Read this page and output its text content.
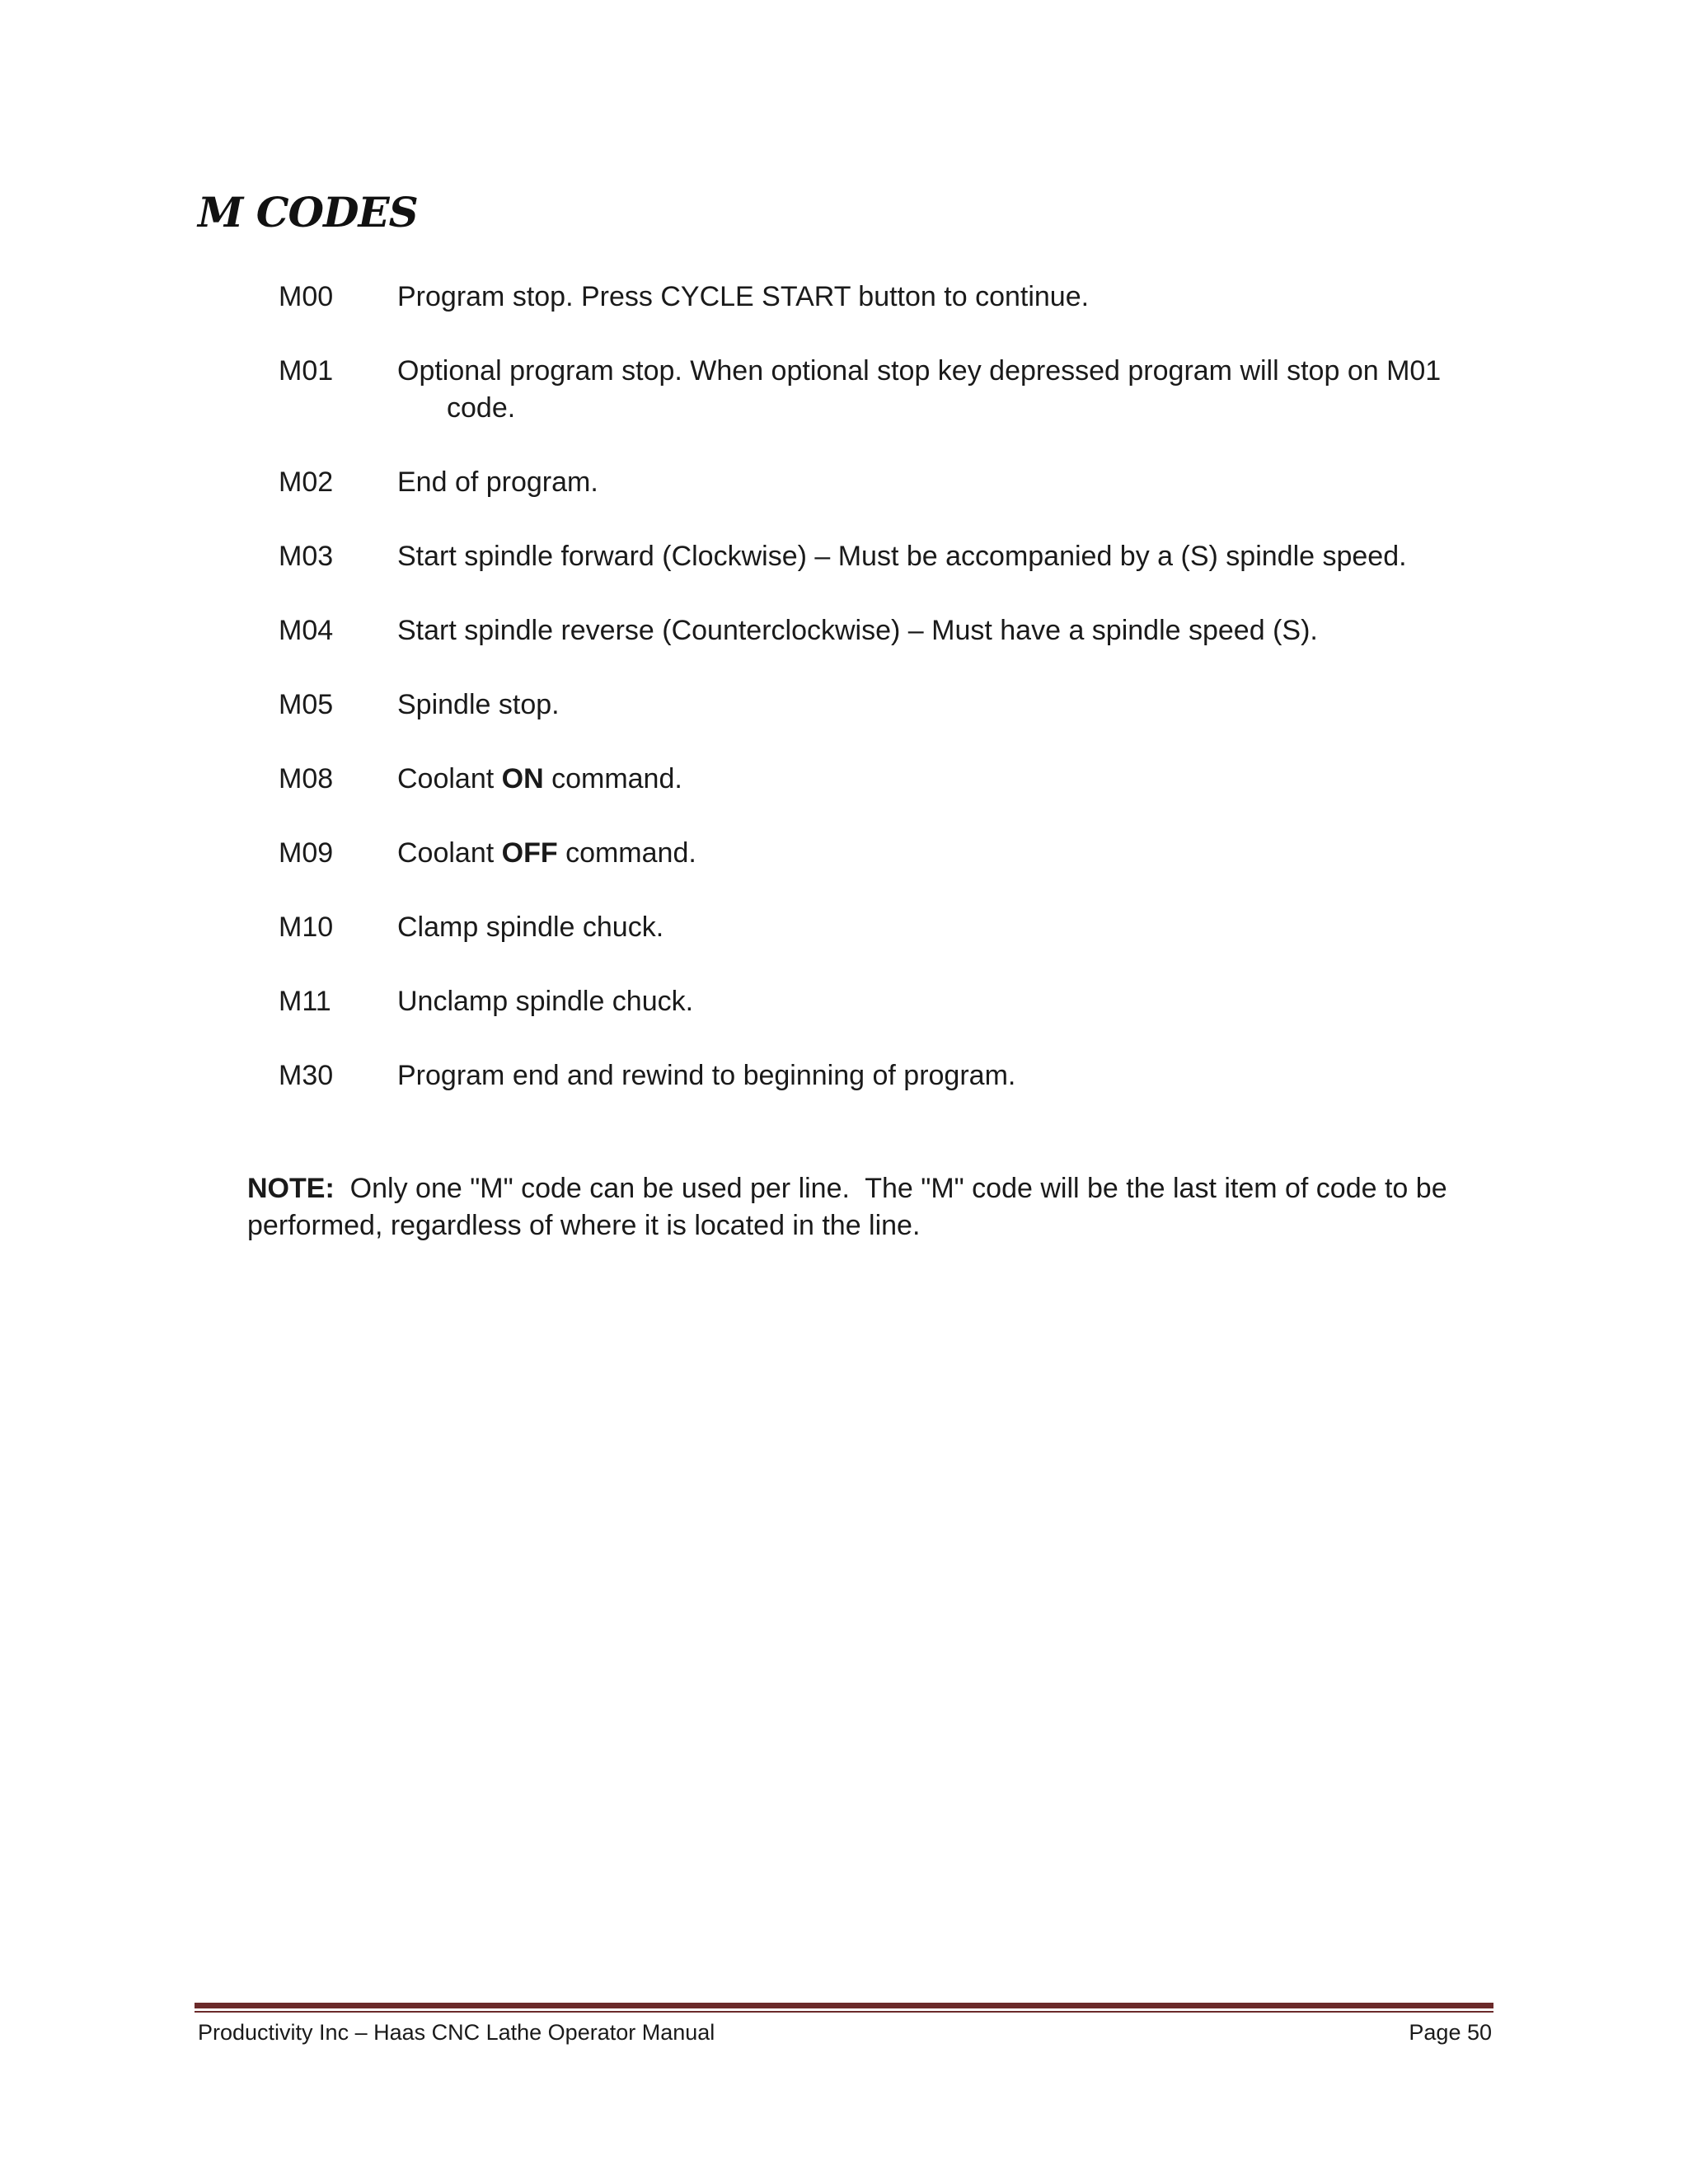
M CODES
M00	Program stop. Press CYCLE START button to continue.
M01	Optional program stop. When optional stop key depressed program will stop on M01
code.
M02	End of program.
M03	Start spindle forward (Clockwise) – Must be accompanied by a (S) spindle speed.
M04	Start spindle reverse (Counterclockwise) – Must have a spindle speed (S).
M05	Spindle stop.
M08	Coolant ON command.
M09	Coolant OFF command.
M10	Clamp spindle chuck.
M11	Unclamp spindle chuck.
M30	Program end and rewind to beginning of program.

NOTE:  Only one "M" code can be used per line.  The "M" code will be the last item of code to be performed, regardless of where it is located in the line.

Productivity Inc – Haas CNC Lathe Operator Manual	Page 50
